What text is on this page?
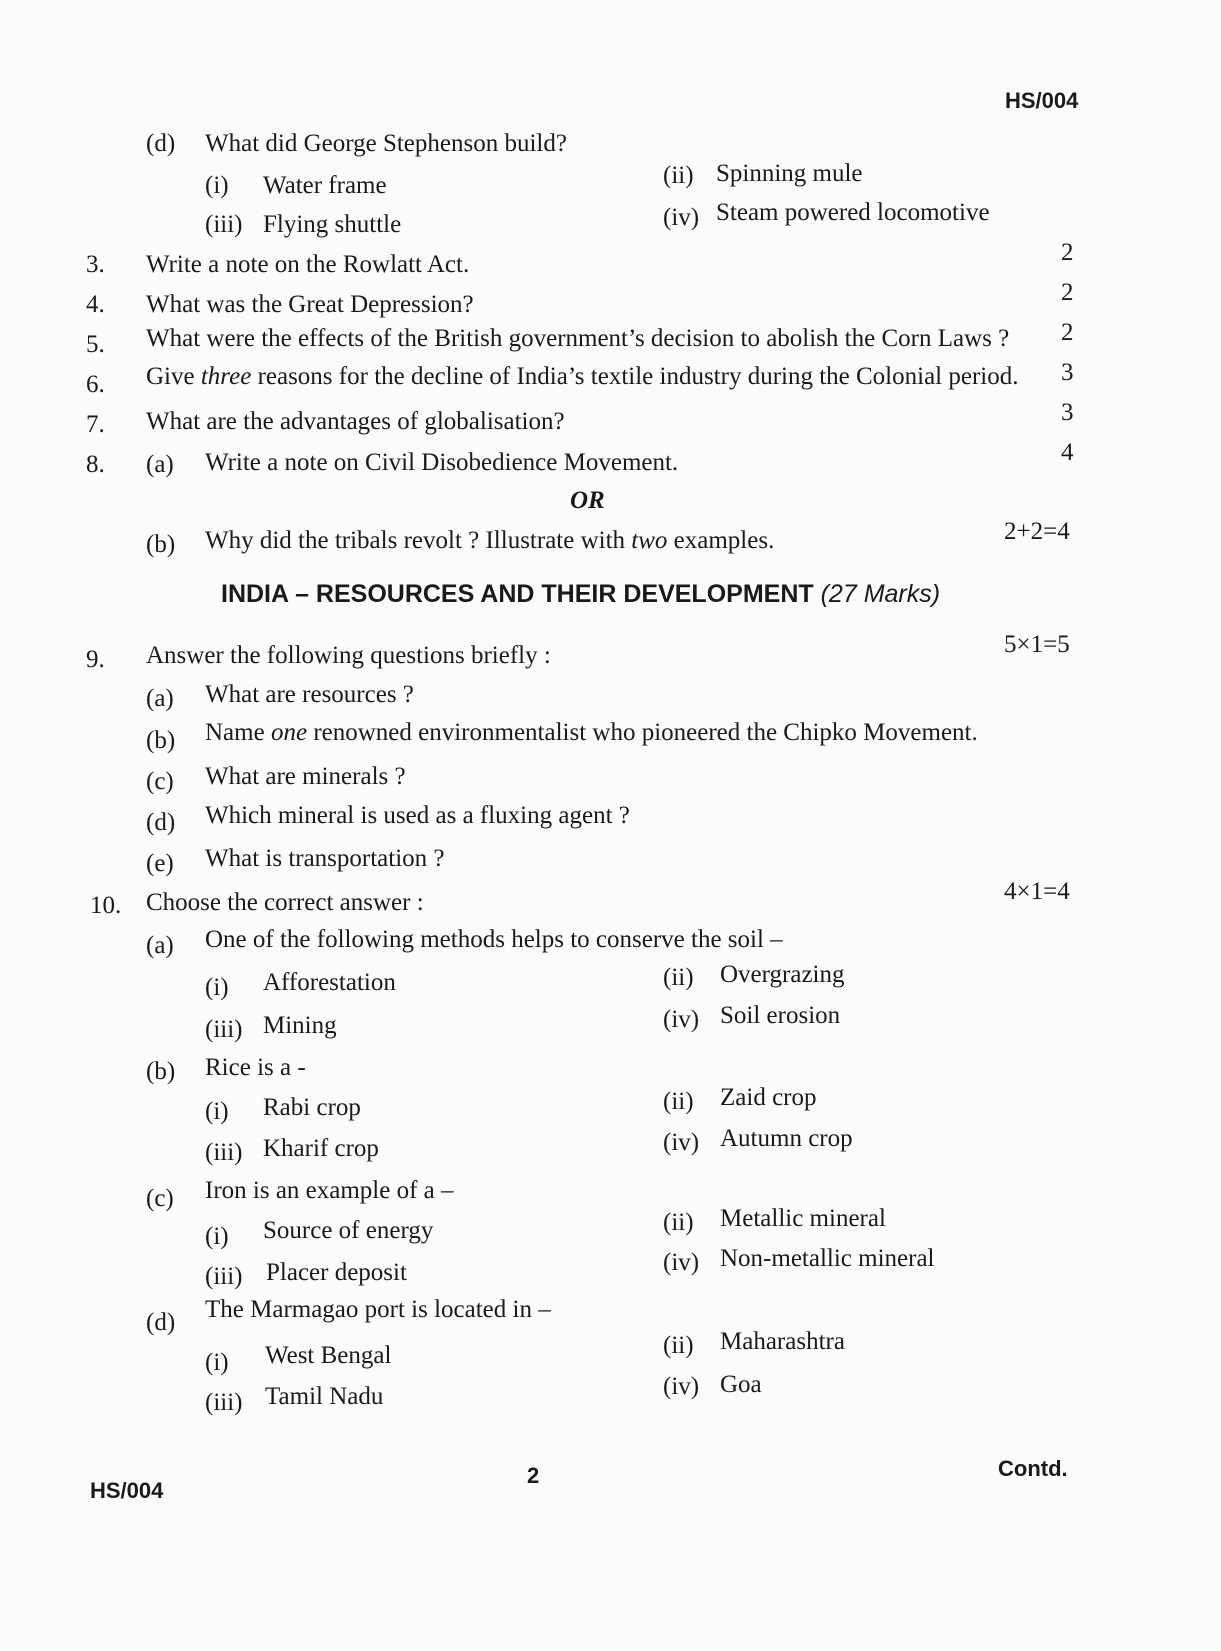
HS/004
(d) What did George Stephenson build?
(i) Water frame	(ii) Spinning mule
(iii) Flying shuttle	(iv) Steam powered locomotive
3. Write a note on the Rowlatt Act.	2
4. What was the Great Depression?	2
5. What were the effects of the British government’s decision to abolish the Corn Laws ? 2
6. Give three reasons for the decline of India’s textile industry during the Colonial period. 3
7. What are the advantages of globalisation?	3
8. (a) Write a note on Civil Disobedience Movement.	4
OR
(b) Why did the tribals revolt ? Illustrate with two examples.	2+2=4
INDIA – RESOURCES AND THEIR DEVELOPMENT (27 Marks)
9. Answer the following questions briefly :	5×1=5
(a) What are resources ?
(b) Name one renowned environmentalist who pioneered the Chipko Movement.
(c) What are minerals ?
(d) Which mineral is used as a fluxing agent ?
(e) What is transportation ?
10. Choose the correct answer :	4×1=4
(a) One of the following methods helps to conserve the soil –
(i) Afforestation	(ii) Overgrazing
(iii) Mining	(iv) Soil erosion
(b) Rice is a -
(i) Rabi crop	(ii) Zaid crop
(iii) Kharif crop	(iv) Autumn crop
(c) Iron is an example of a –
(i) Source of energy	(ii) Metallic mineral
(iii) Placer deposit	(iv) Non-metallic mineral
(d) The Marmagao port is located in –
(i) West Bengal	(ii) Maharashtra
(iii) Tamil Nadu	(iv) Goa
HS/004
2	Contd.
